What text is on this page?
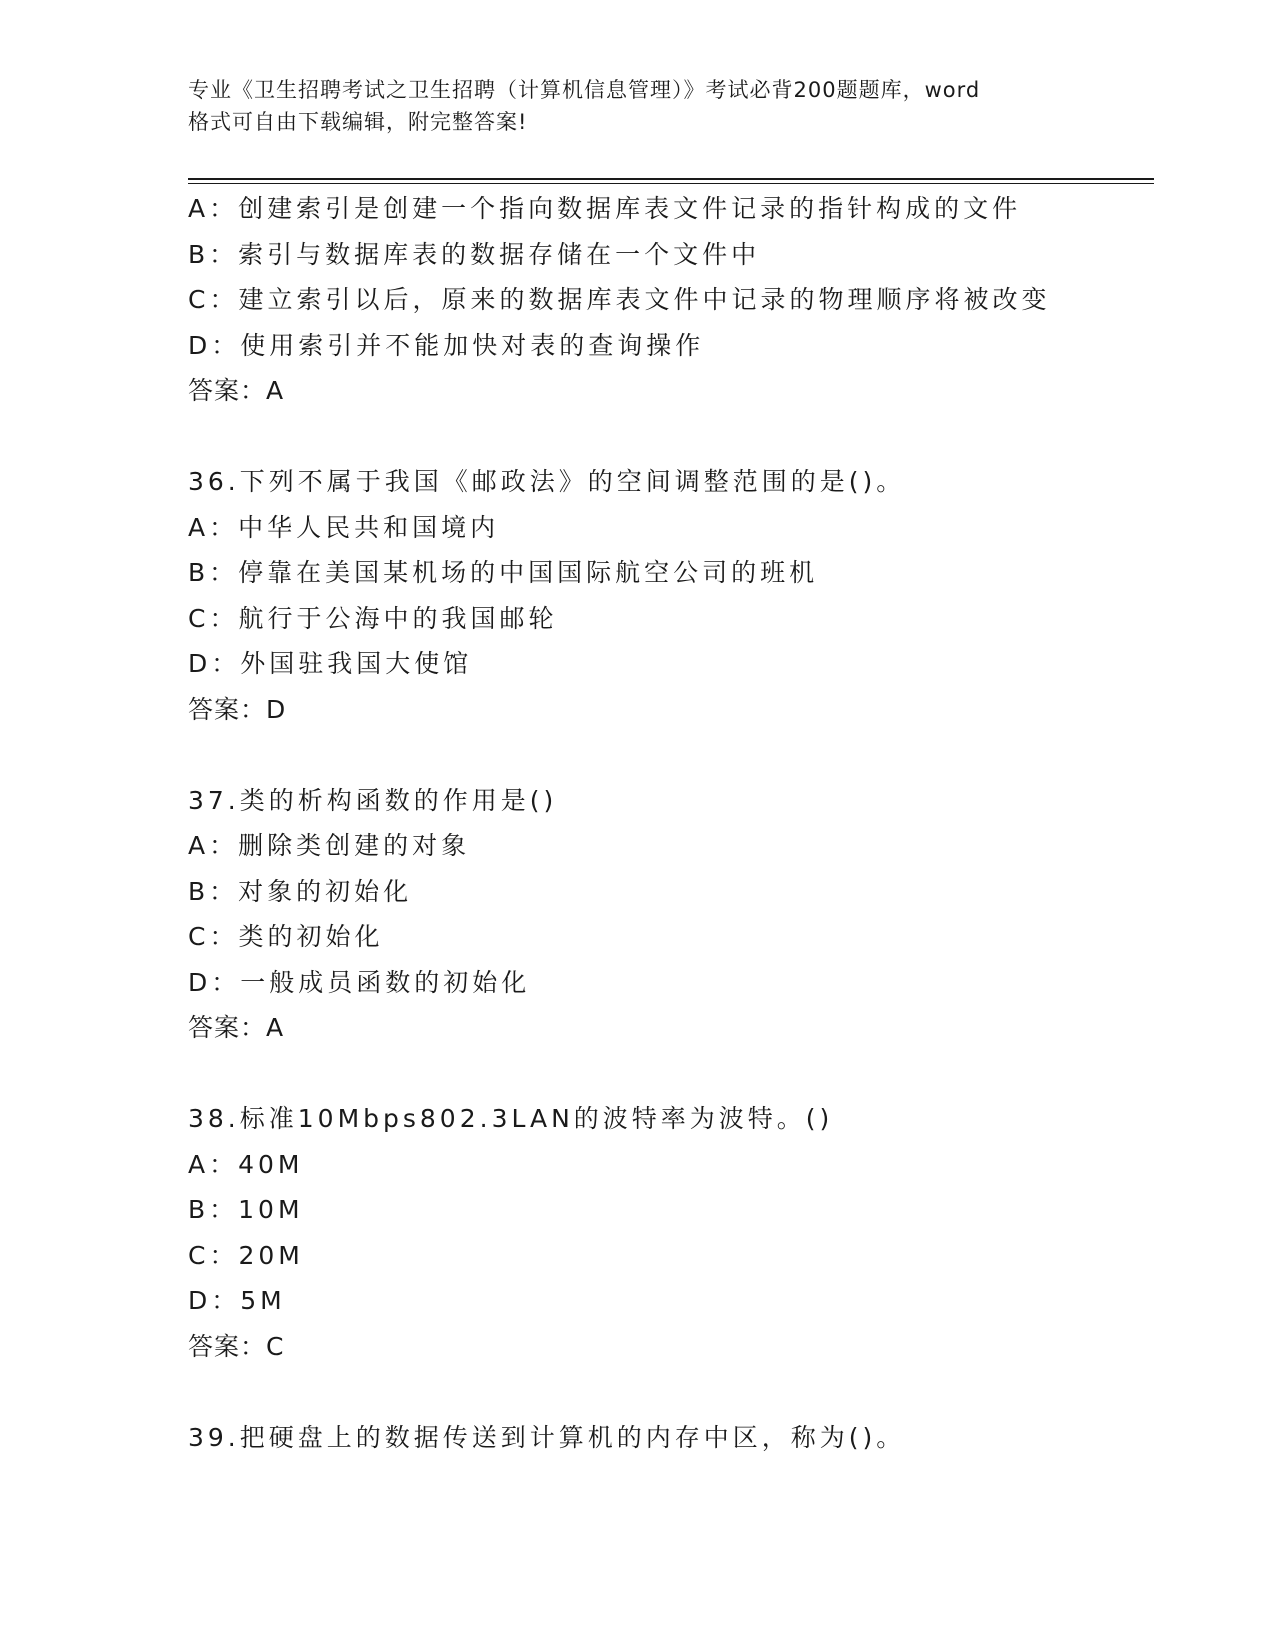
专业《卫生招聘考试之卫生招聘（计算机信息管理）》考试必背200题题库，word
格式可自由下载编辑，附完整答案!
A：创建索引是创建一个指向数据库表文件记录的指针构成的文件
B：索引与数据库表的数据存储在一个文件中
C：建立索引以后，原来的数据库表文件中记录的物理顺序将被改变
D：使用索引并不能加快对表的查询操作
答案：A
36.下列不属于我国《邮政法》的空间调整范围的是()。
A：中华人民共和国境内
B：停靠在美国某机场的中国国际航空公司的班机
C：航行于公海中的我国邮轮
D：外国驻我国大使馆
答案：D
37.类的析构函数的作用是()
A：删除类创建的对象
B：对象的初始化
C：类的初始化
D：一般成员函数的初始化
答案：A
38.标准10Mbps802.3LAN的波特率为波特。()
A：40M
B：10M
C：20M
D：5M
答案：C
39.把硬盘上的数据传送到计算机的内存中区，称为()。
